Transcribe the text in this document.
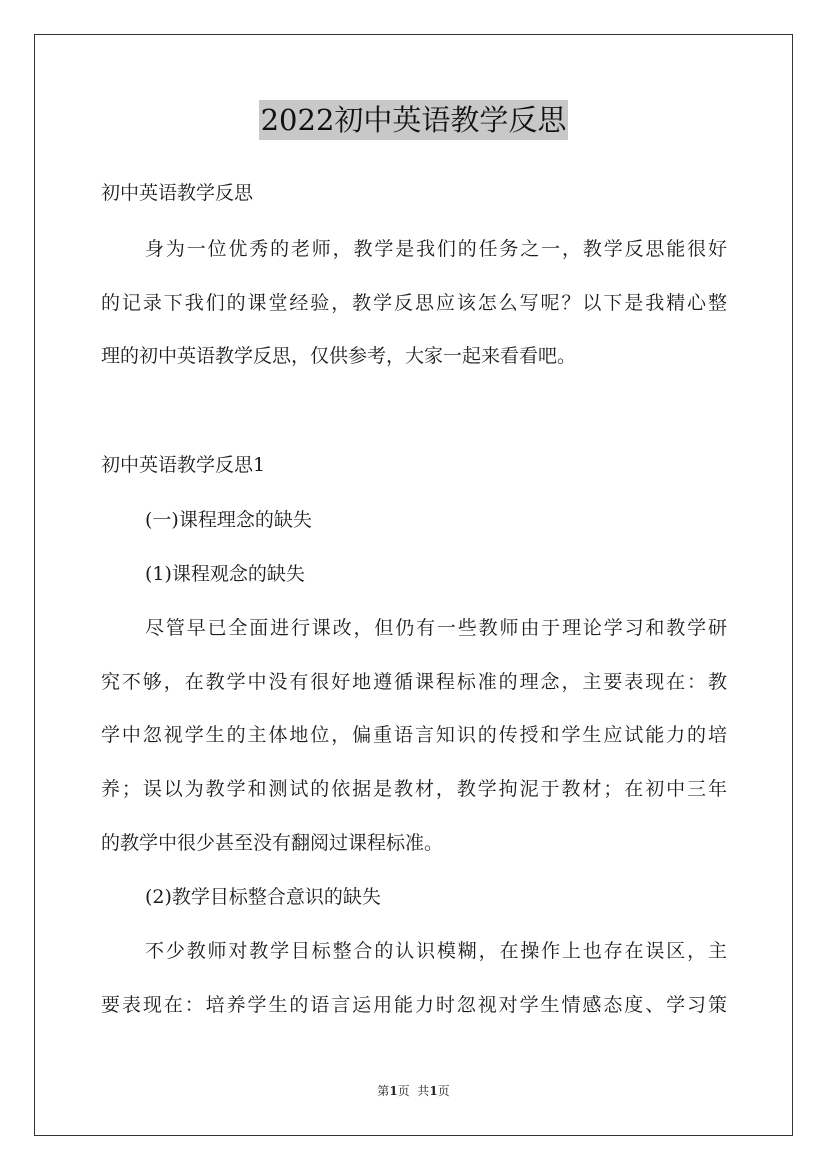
2022初中英语教学反思
初中英语教学反思
身为一位优秀的老师，教学是我们的任务之一，教学反思能很好
的记录下我们的课堂经验，教学反思应该怎么写呢？以下是我精心整
理的初中英语教学反思，仅供参考，大家一起来看看吧。
初中英语教学反思1
(一)课程理念的缺失
(1)课程观念的缺失
尽管早已全面进行课改，但仍有一些教师由于理论学习和教学研
究不够，在教学中没有很好地遵循课程标准的理念，主要表现在：教
学中忽视学生的主体地位，偏重语言知识的传授和学生应试能力的培
养；误以为教学和测试的依据是教材，教学拘泥于教材；在初中三年
的教学中很少甚至没有翻阅过课程标准。
(2)教学目标整合意识的缺失
不少教师对教学目标整合的认识模糊，在操作上也存在误区，主
要表现在：培养学生的语言运用能力时忽视对学生情感态度、学习策
第1页  共1页
